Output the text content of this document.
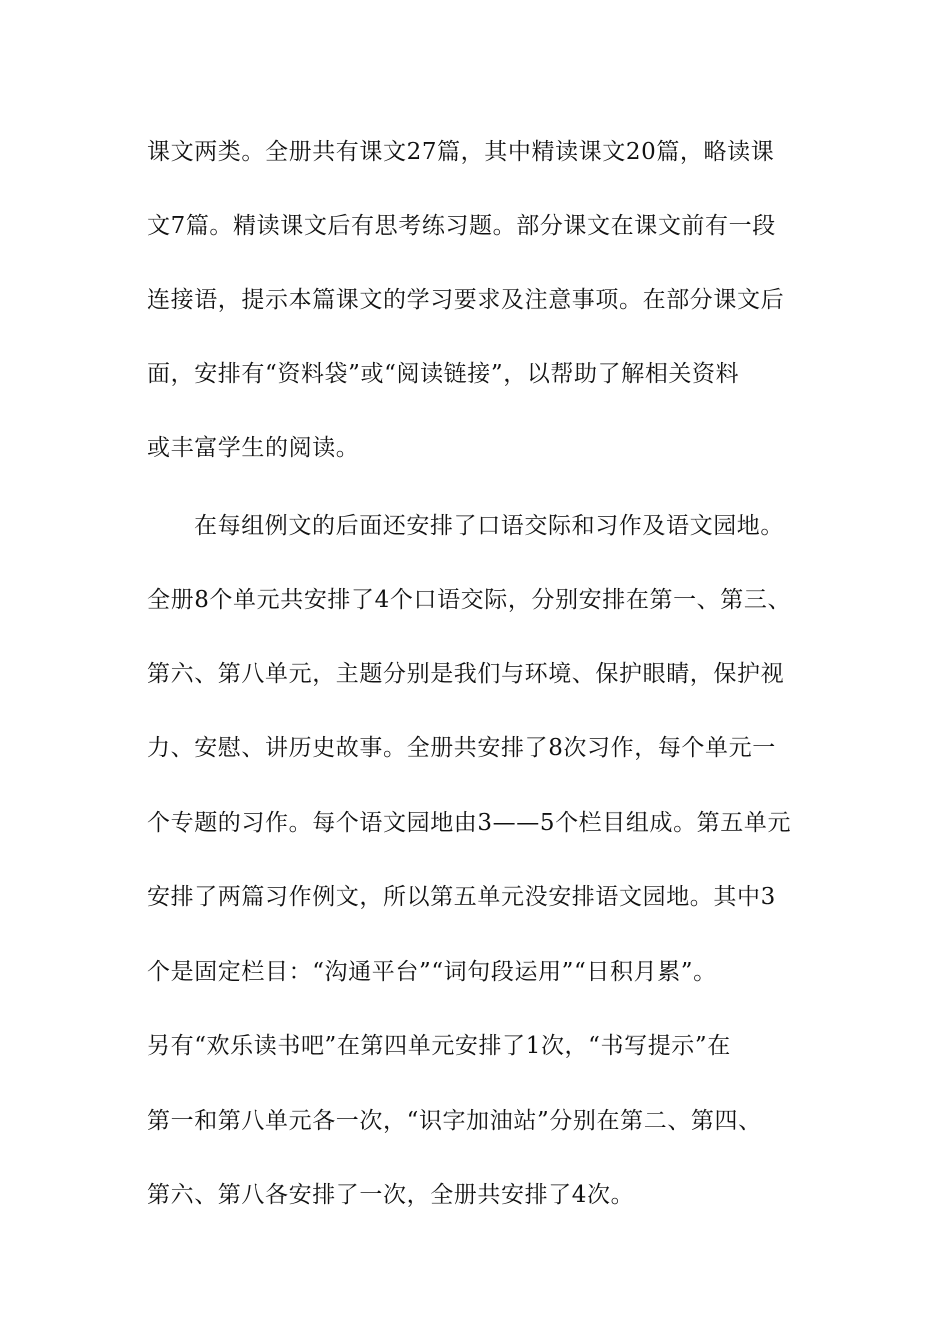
课文两类。全册共有课文27篇，其中精读课文20篇，略读课
文7篇。精读课文后有思考练习题。部分课文在课文前有一段
连接语，提示本篇课文的学习要求及注意事项。在部分课文后
面，安排有“资料袋”或“阅读链接”，以帮助了解相关资料
或丰富学生的阅读。
在每组例文的后面还安排了口语交际和习作及语文园地。
全册8个单元共安排了4个口语交际，分别安排在第一、第三、
第六、第八单元，主题分别是我们与环境、保护眼睛，保护视
力、安慰、讲历史故事。全册共安排了8次习作，每个单元一
个专题的习作。每个语文园地由3——5个栏目组成。第五单元
安排了两篇习作例文，所以第五单元没安排语文园地。其中3
个是固定栏目：“沟通平台”“词句段运用”“日积月累”。
另有“欢乐读书吧”在第四单元安排了1次，“书写提示”在
第一和第八单元各一次，“识字加油站”分别在第二、第四、
第六、第八各安排了一次，全册共安排了4次。
